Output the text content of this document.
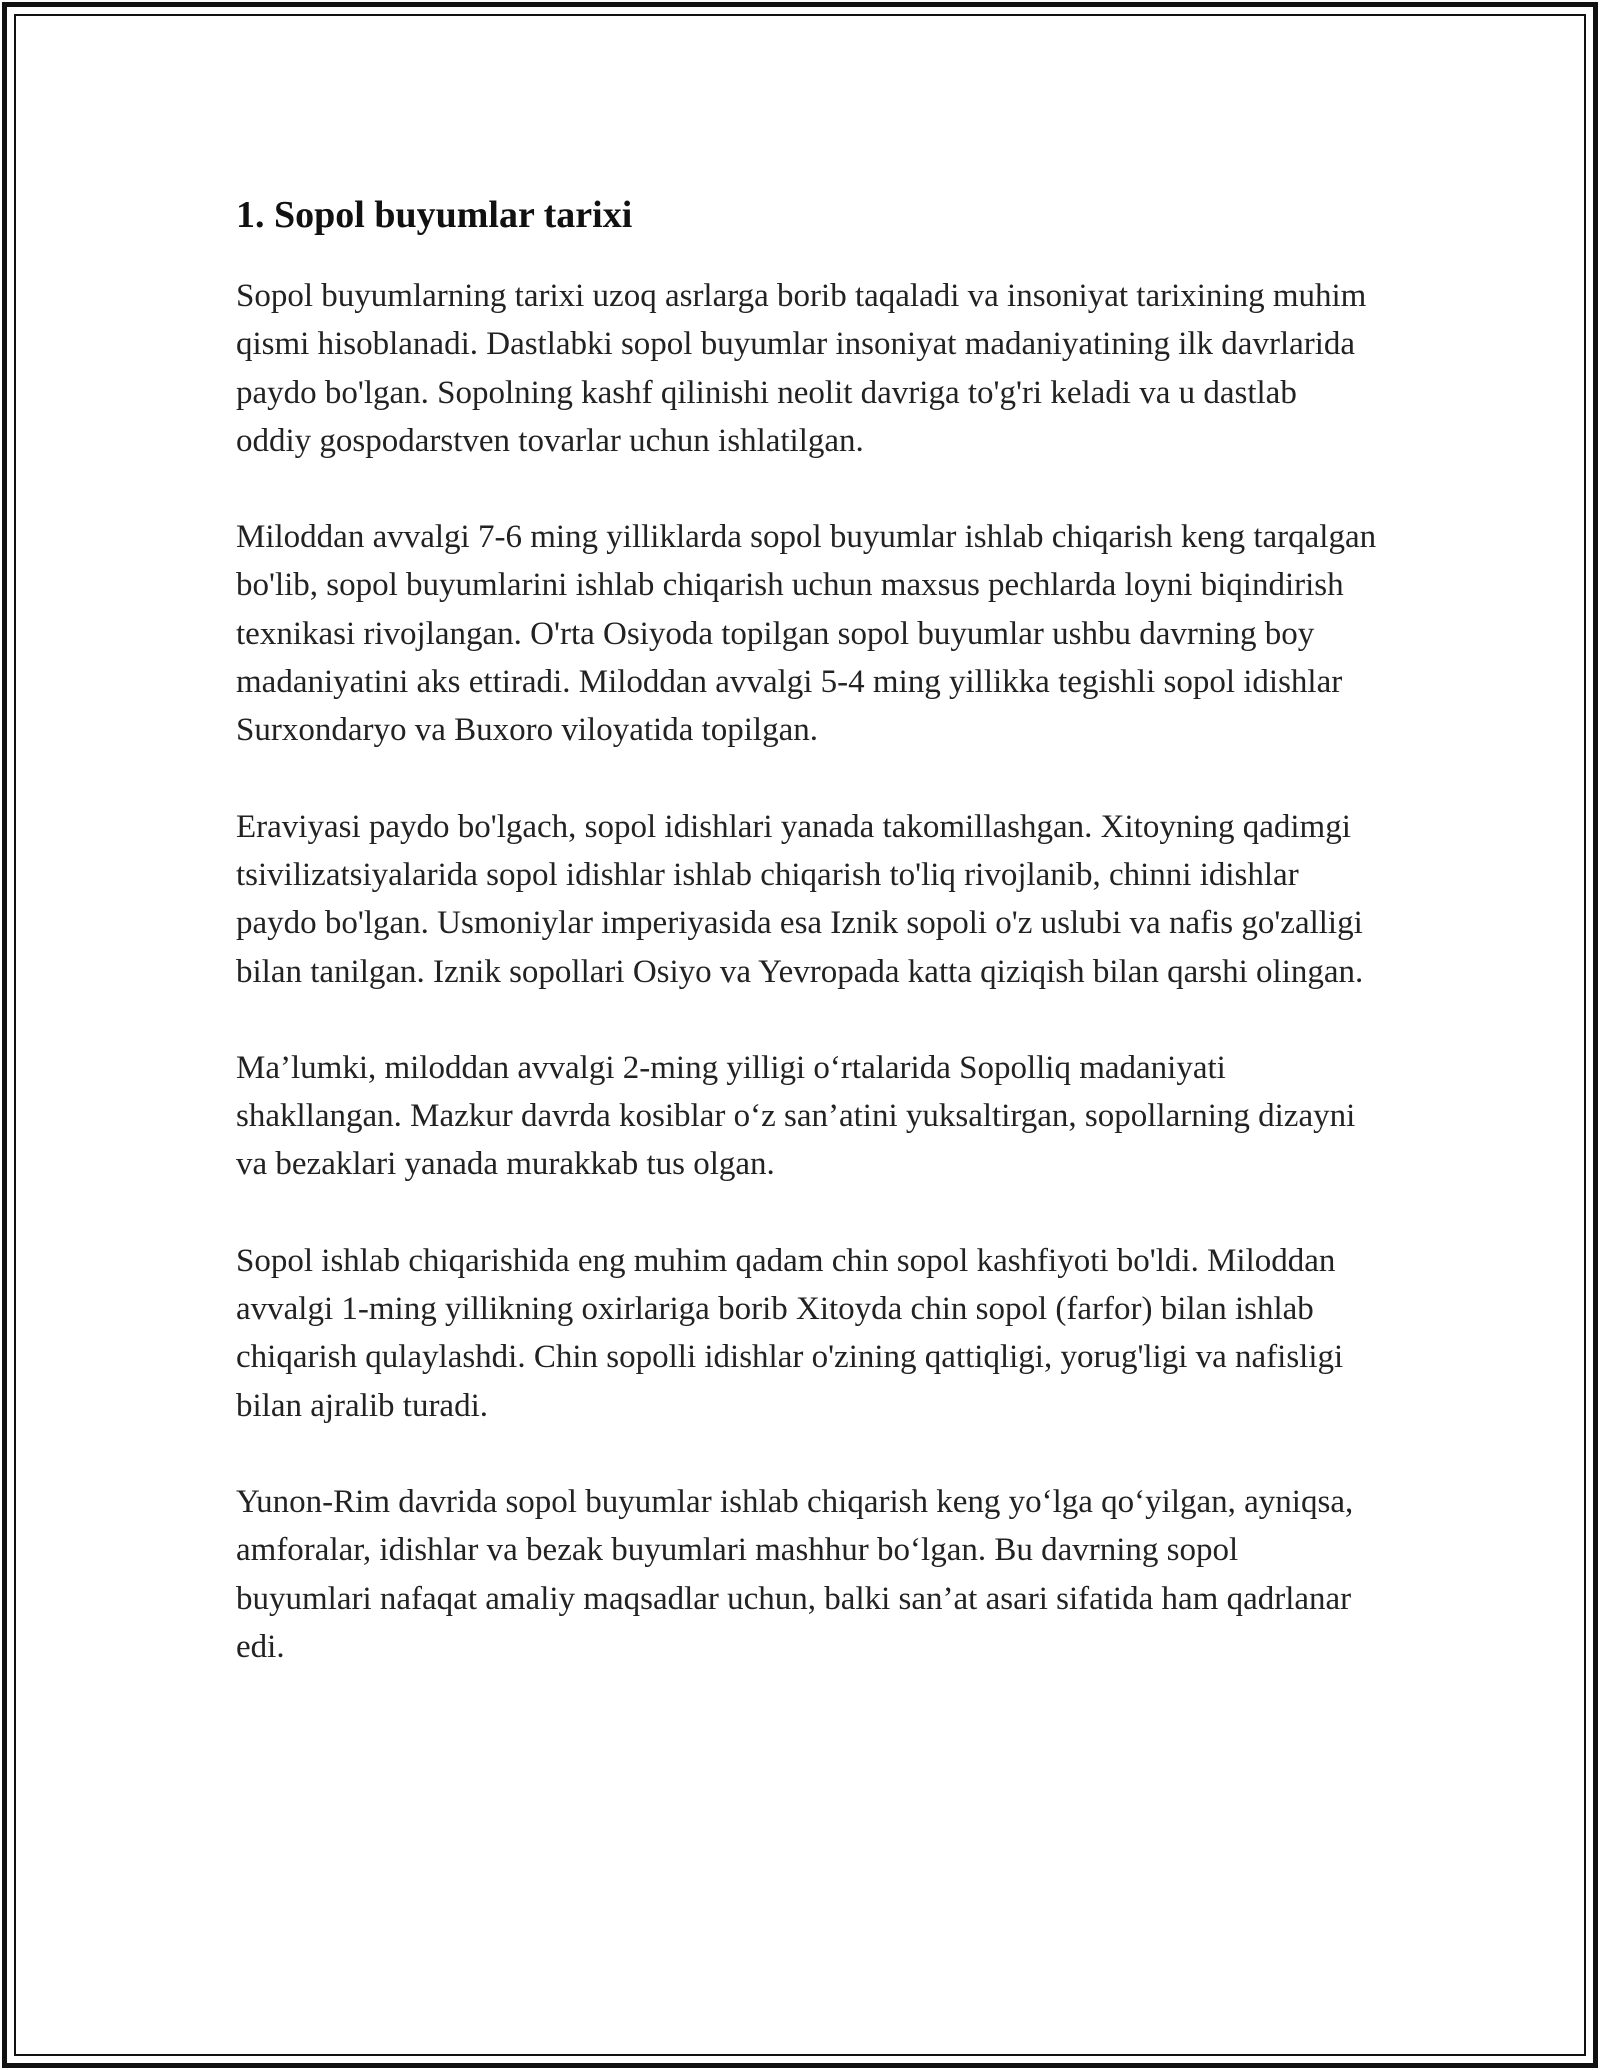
1. Sopol buyumlar tarixi

Sopol buyumlarning tarixi uzoq asrlarga borib taqaladi va insoniyat tarixining muhim qismi hisoblanadi. Dastlabki sopol buyumlar insoniyat madaniyatining ilk davrlarida paydo bo'lgan. Sopolning kashf qilinishi neolit davriga to'g'ri keladi va u dastlab oddiy gospodarstven tovarlar uchun ishlatilgan.

Miloddan avvalgi 7-6 ming yilliklarda sopol buyumlar ishlab chiqarish keng tarqalgan bo'lib, sopol buyumlarini ishlab chiqarish uchun maxsus pechlarda loyni biqindirish texnikasi rivojlangan. O'rta Osiyoda topilgan sopol buyumlar ushbu davrning boy madaniyatini aks ettiradi. Miloddan avvalgi 5-4 ming yillikka tegishli sopol idishlar Surxondaryo va Buxoro viloyatida topilgan.

Eraviyasi paydo bo'lgach, sopol idishlari yanada takomillashgan. Xitoyning qadimgi tsivilizatsiyalarida sopol idishlar ishlab chiqarish to'liq rivojlanib, chinni idishlar paydo bo'lgan. Usmoniylar imperiyasida esa Iznik sopoli o'z uslubi va nafis go'zalligi bilan tanilgan. Iznik sopollari Osiyo va Yevropada katta qiziqish bilan qarshi olingan.

Ma’lumki, miloddan avvalgi 2-ming yilligi o‘rtalarida Sopolliq madaniyati shakllangan. Mazkur davrda kosiblar o‘z san’atini yuksaltirgan, sopollarning dizayni va bezaklari yanada murakkab tus olgan.

Sopol ishlab chiqarishida eng muhim qadam chin sopol kashfiyoti bo'ldi. Miloddan avvalgi 1-ming yillikning oxirlariga borib Xitoyda chin sopol (farfor) bilan ishlab chiqarish qulaylashdi. Chin sopolli idishlar o'zining qattiqligi, yorug'ligi va nafisligi bilan ajralib turadi.

Yunon-Rim davrida sopol buyumlar ishlab chiqarish keng yo‘lga qo‘yilgan, ayniqsa, amforalar, idishlar va bezak buyumlari mashhur bo‘lgan. Bu davrning sopol buyumlari nafaqat amaliy maqsadlar uchun, balki san’at asari sifatida ham qadrlanar edi.
